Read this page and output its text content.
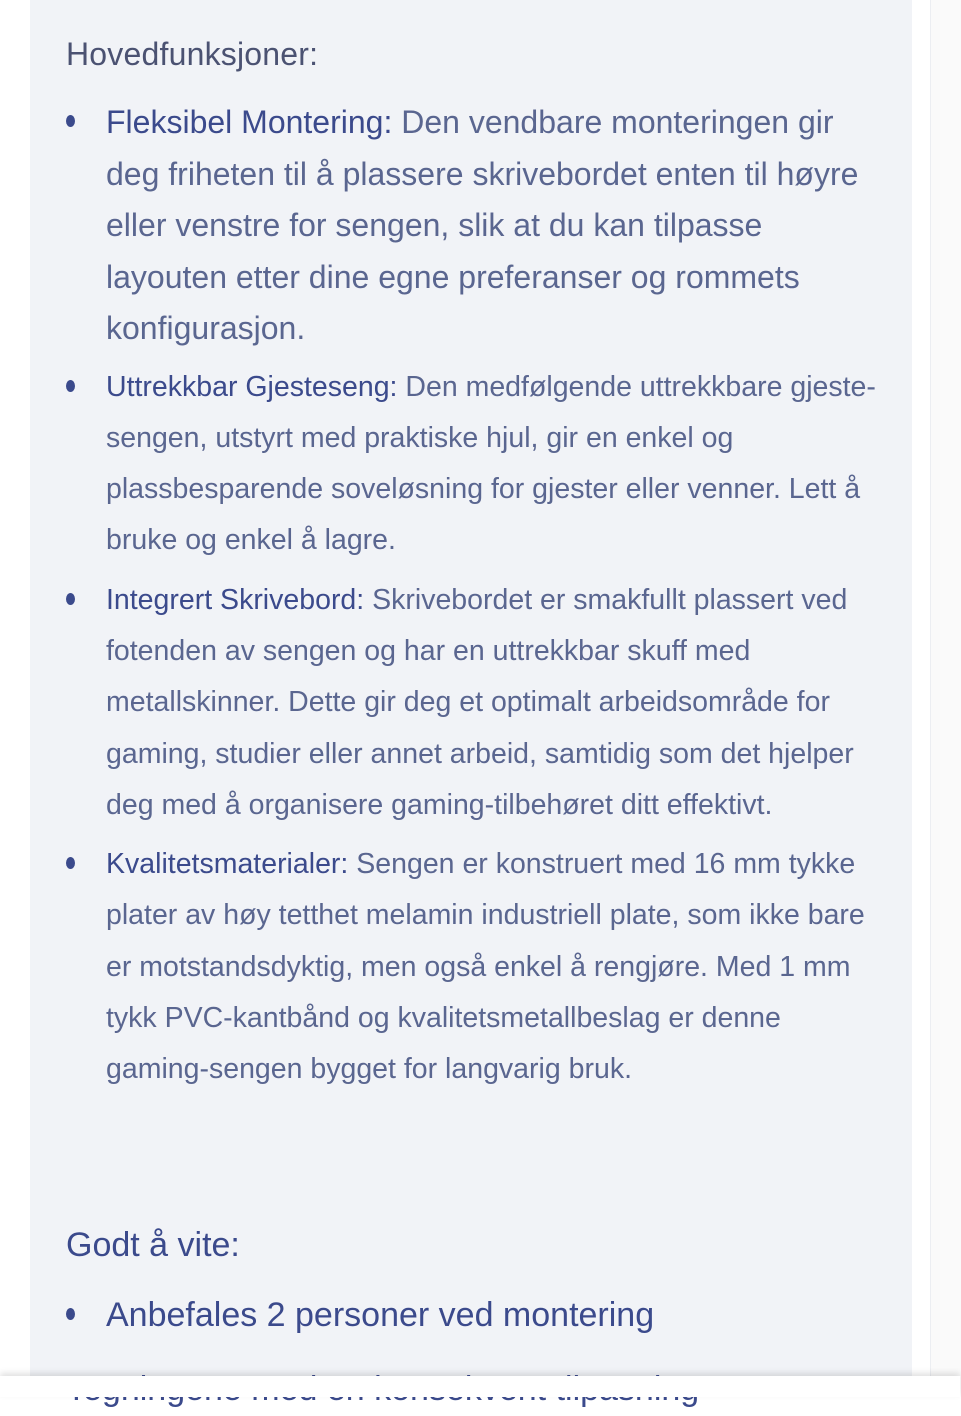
Hovedfunksjoner:
Fleksibel Montering: Den vendbare monteringen gir deg friheten til å plassere skrivebordet enten til høyre eller venstre for sengen, slik at du kan tilpasse layouten etter dine egne preferanser og rommets konfigurasjon.
Uttrekkbar Gjesteseng: Den medfølgende uttrekkbare gjeste-sengen, utstyrt med praktiske hjul, gir en enkel og plassbesparende soveløsning for gjester eller venner. Lett å bruke og enkel å lagre.
Integrert Skrivebord: Skrivebordet er smakfullt plassert ved fotenden av sengen og har en uttrekkbar skuff med metallskinner. Dette gir deg et optimalt arbeidsområde for gaming, studier eller annet arbeid, samtidig som det hjelper deg med å organisere gaming-tilbehøret ditt effektivt.
Kvalitetsmaterialer: Sengen er konstruert med 16 mm tykke plater av høy tetthet melamin industriell plate, som ikke bare er motstandsdyktig, men også enkel å rengjøre. Med 1 mm tykk PVC-kantbånd og kvalitetsmetallbeslag er denne gaming-sengen bygget for langvarig bruk.
Godt å vite:
Anbefales 2 personer ved montering
